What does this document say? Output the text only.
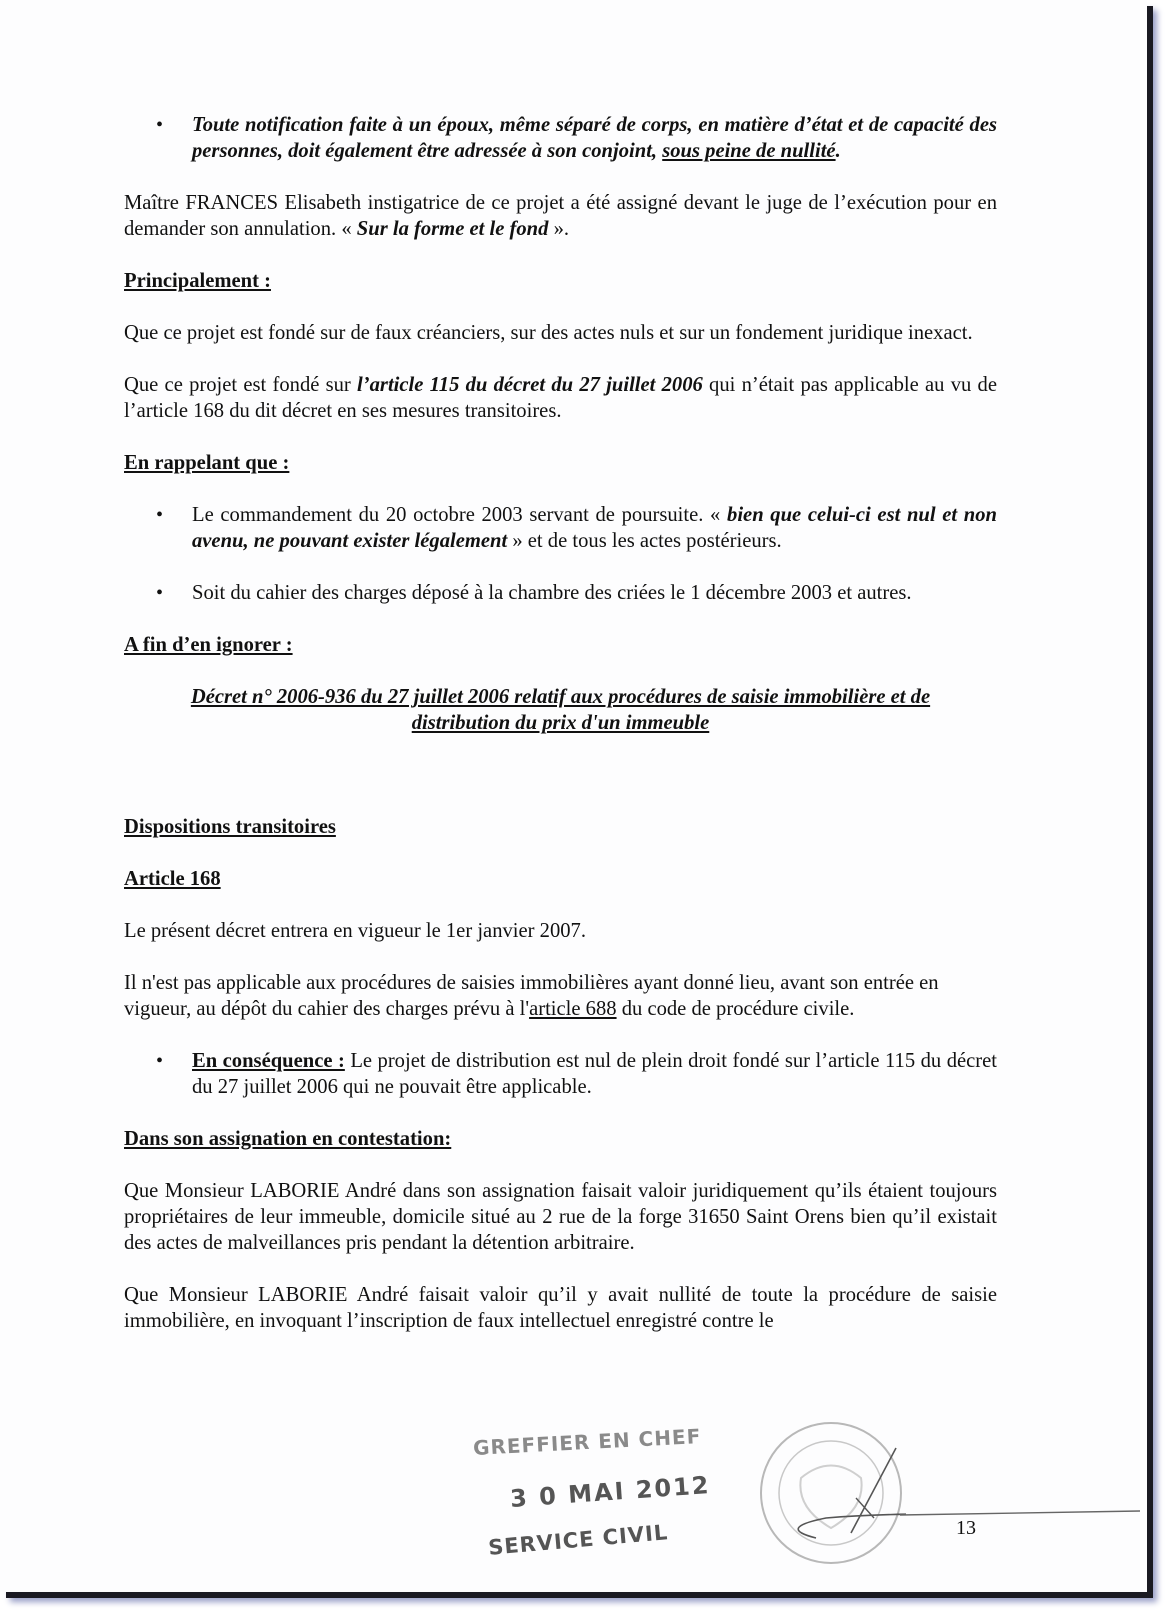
• Toute notification faite à un époux, même séparé de corps, en matière d’état et de capacité des personnes, doit également être adressée à son conjoint, sous peine de nullité.

Maître FRANCES Elisabeth instigatrice de ce projet a été assigné devant le juge de l’exécution pour en demander son annulation. « Sur la forme et le fond ».

Principalement :

Que ce projet est fondé sur de faux créanciers, sur des actes nuls et sur un fondement juridique inexact.

Que ce projet est fondé sur l’article 115 du décret du 27 juillet 2006 qui n’était pas applicable au vu de l’article 168 du dit décret en ses mesures transitoires.

En rappelant que :

• Le commandement du 20 octobre 2003 servant de poursuite. « bien que celui-ci est nul et non avenu, ne pouvant exister légalement » et de tous les actes postérieurs.

• Soit du cahier des charges déposé à la chambre des criées le 1 décembre 2003 et autres.

A fin d’en ignorer :

Décret n° 2006-936 du 27 juillet 2006 relatif aux procédures de saisie immobilière et de distribution du prix d'un immeuble

Dispositions transitoires

Article 168

Le présent décret entrera en vigueur le 1er janvier 2007.

Il n'est pas applicable aux procédures de saisies immobilières ayant donné lieu, avant son entrée en vigueur, au dépôt du cahier des charges prévu à l'article 688 du code de procédure civile.

• En conséquence : Le projet de distribution est nul de plein droit fondé sur l’article 115 du décret du 27 juillet 2006 qui ne pouvait être applicable.

Dans son assignation en contestation:

Que Monsieur LABORIE André dans son assignation faisait valoir juridiquement qu’ils étaient toujours propriétaires de leur immeuble, domicile situé au 2 rue de la forge 31650 Saint Orens bien qu’il existait des actes de malveillances pris pendant la détention arbitraire.

Que Monsieur LABORIE André faisait valoir qu’il y avait nullité de toute la procédure de saisie immobilière, en invoquant l’inscription de faux intellectuel enregistré contre le

GREFFIER EN CHEF
3 0 MAI 2012
SERVICE CIVIL	13
